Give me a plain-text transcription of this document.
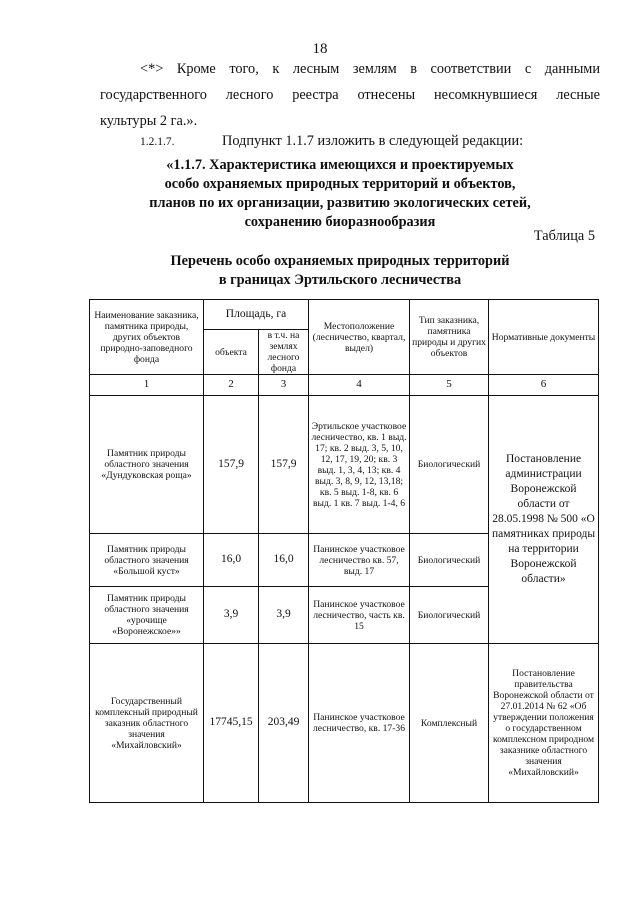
18
<*> Кроме того, к лесным землям в соответствии с данными
государственного лесного реестра отнесены несомкнувшиеся лесные
культуры 2 га.».
1.2.1.7.	Подпункт 1.1.7 изложить в следующей редакции:
«1.1.7. Характеристика имеющихся и проектируемых
особо охраняемых природных территорий и объектов,
планов по их организации, развитию экологических сетей,
сохранению биоразнообразия
Таблица 5
Перечень особо охраняемых природных территорий
в границах Эртильского лесничества
Наименование заказника, памятника природы, других объектов природно-заповедного фонда	Площадь, га		Местоположение (лесничество, квартал, выдел)	Тип заказника, памятника природы и других объектов	Нормативные документы
	объекта	в т.ч. на землях лесного фонда			
1	2	3	4	5	6
Памятник природы областного значения «Дундуковская роща»	157,9	157,9	Эртильское участковое лесничество, кв. 1 выд. 17; кв. 2 выд. 3, 5, 10, 12, 17, 19, 20; кв. 3 выд. 1, 3, 4, 13; кв. 4 выд. 3, 8, 9, 12, 13,18; кв. 5 выд. 1-8, кв. 6 выд. 1 кв. 7 выд. 1-4, 6	Биологический	Постановление администрации Воронежской области от 28.05.1998 № 500 «О памятниках природы на территории Воронежской области»
Памятник природы областного значения «Большой куст»	16,0	16,0	Панинское участковое лесничество кв. 57, выд. 17	Биологический	
Памятник природы областного значения «урочище «Воронежское»»	3,9	3,9	Панинское участковое лесничество, часть кв. 15	Биологический	
Государственный комплексный природный заказник областного значения «Михайловский»	17745,15	203,49	Панинское участковое лесничество, кв. 17-36	Комплексный	Постановление правительства Воронежской области от 27.01.2014 № 62 «Об утверждении положения о государственном комплексном природном заказнике областного значения «Михайловский»
